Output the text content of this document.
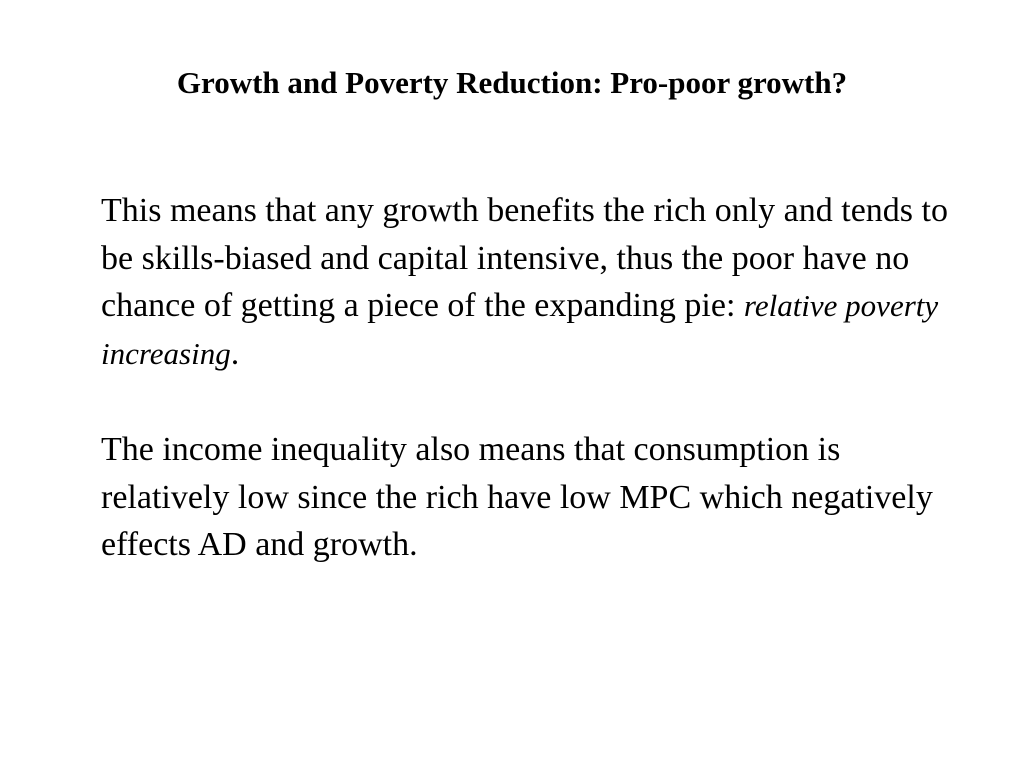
Growth and Poverty Reduction: Pro-poor growth?

This means that any growth benefits the rich only and tends to be skills-biased and capital intensive, thus the poor have no chance of getting a piece of the expanding pie: relative poverty increasing.

The income inequality also means that consumption is relatively low since the rich have low MPC which negatively effects AD and growth.
